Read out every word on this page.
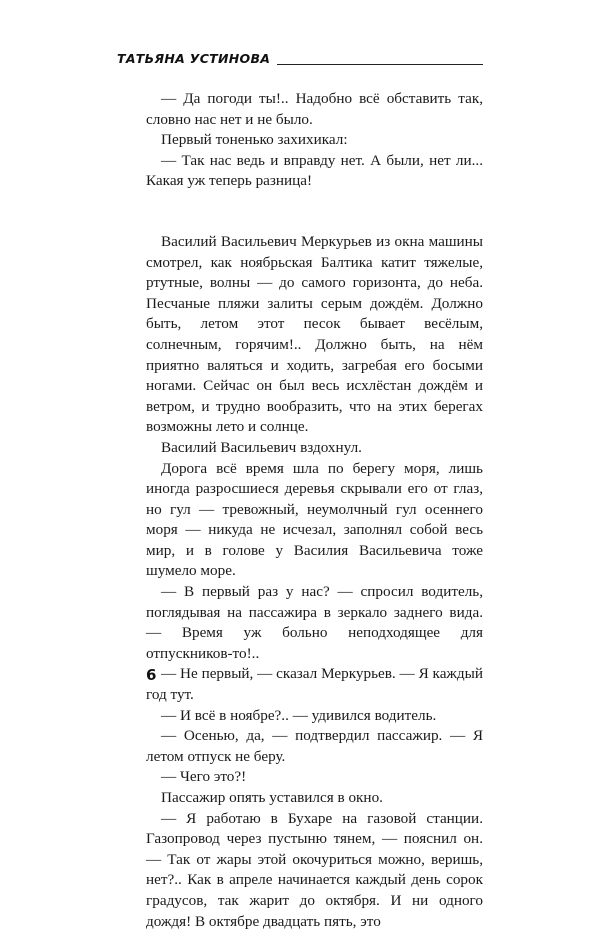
ТАТЬЯНА УСТИНОВА

— Да погоди ты!.. Надобно всё обставить так, словно нас нет и не было.

Первый тоненько захихикал:

— Так нас ведь и вправду нет. А были, нет ли... Какая уж теперь разница!

Василий Васильевич Меркурьев из окна машины смотрел, как ноябрьская Балтика катит тяжелые, ртутные, волны — до самого горизонта, до неба. Песчаные пляжи залиты серым дождём. Должно быть, летом этот песок бывает весёлым, солнечным, горячим!.. Должно быть, на нём приятно валяться и ходить, загребая его босыми ногами. Сейчас он был весь исхлёстан дождём и ветром, и трудно вообразить, что на этих берегах возможны лето и солнце.

Василий Васильевич вздохнул.

Дорога всё время шла по берегу моря, лишь иногда разросшиеся деревья скрывали его от глаз, но гул — тревожный, неумолчный гул осеннего моря — никуда не исчезал, заполнял собой весь мир, и в голове у Василия Васильевича тоже шумело море.

— В первый раз у нас? — спросил водитель, поглядывая на пассажира в зеркало заднего вида. — Время уж больно неподходящее для отпускников-то!..

— Не первый, — сказал Меркурьев. — Я каждый год тут.

— И всё в ноябре?.. — удивился водитель.

— Осенью, да, — подтвердил пассажир. — Я летом отпуск не беру.

— Чего это?!

Пассажир опять уставился в окно.

— Я работаю в Бухаре на газовой станции. Газопровод через пустыню тянем, — пояснил он. — Так от жары этой окочуриться можно, веришь, нет?.. Как в апреле начинается каждый день сорок градусов, так жарит до октября. И ни одного дождя! В октябре двадцать пять, это

6
